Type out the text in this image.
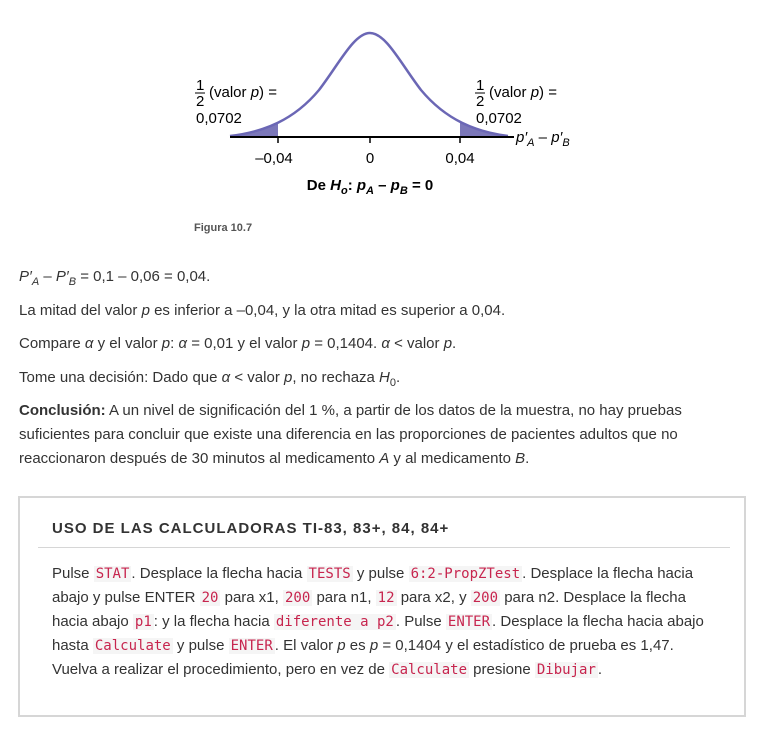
1
2
(valor p) =
0,0702
1
2
(valor p) =
0,0702
$p'_A - p'_B$
–0,04	0	0,04
De $H_o$: $p_A - p_B = 0$
Figura 10.7
$P'_A - P'_B = 0,1 - 0,06 = 0,04$.
La mitad del valor p es inferior a –0,04, y la otra mitad es superior a 0,04.
Compare α y el valor p: α = 0,01 y el valor p = 0,1404. α < valor p.
Tome una decisión: Dado que α < valor p, no rechaza $H_0$.
Conclusión: A un nivel de significación del 1 %, a partir de los datos de la muestra, no hay pruebas suficientes para concluir que existe una diferencia en las proporciones de pacientes adultos que no reaccionaron después de 30 minutos al medicamento A y al medicamento B.
USO DE LAS CALCULADORAS TI-83, 83+, 84, 84+
Pulse STAT . Desplace la flecha hacia TESTS y pulse 6:2-PropZTest . Desplace la flecha hacia abajo y pulse ENTER 20 para x1, 200 para n1, 12 para x2, y 200 para n2. Desplace la flecha hacia abajo p1 : y la flecha hacia diferente a p2 . Pulse ENTER . Desplace la flecha hacia abajo hasta Calculate y pulse ENTER . El valor p es p = 0,1404 y el estadístico de prueba es 1,47. Vuelva a realizar el procedimiento, pero en vez de Calculate presione Dibujar .
